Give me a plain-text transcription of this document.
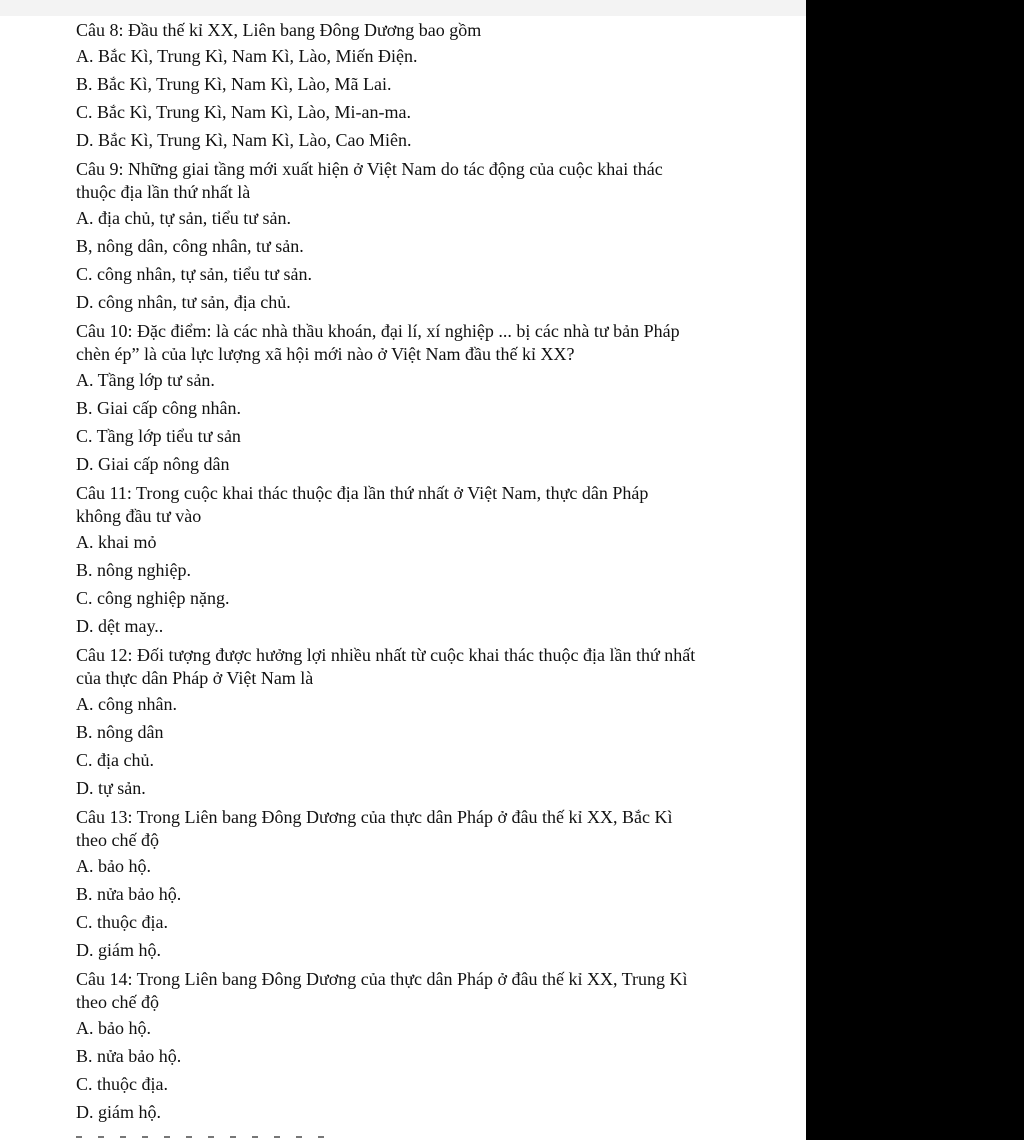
Câu 8: Đầu thế kỉ XX, Liên bang Đông Dương bao gồm
A. Bắc Kì, Trung Kì, Nam Kì, Lào, Miến Điện.
B. Bắc Kì, Trung Kì, Nam Kì, Lào, Mã Lai.
C. Bắc Kì, Trung Kì, Nam Kì, Lào, Mi-an-ma.
D. Bắc Kì, Trung Kì, Nam Kì, Lào, Cao Miên.
Câu 9: Những giai tầng mới xuất hiện ở Việt Nam do tác động của cuộc khai thác
thuộc địa lần thứ nhất là
A. địa chủ, tự sản, tiểu tư sản.
B, nông dân, công nhân, tư sản.
C. công nhân, tự sản, tiểu tư sản.
D. công nhân, tư sản, địa chủ.
Câu 10: Đặc điểm: là các nhà thầu khoán, đại lí, xí nghiệp ... bị các nhà tư bản Pháp
chèn ép” là của lực lượng xã hội mới nào ở Việt Nam đầu thế kỉ XX?
A. Tầng lớp tư sản.
B. Giai cấp công nhân.
C. Tầng lớp tiểu tư sản
D. Giai cấp nông dân
Câu 11: Trong cuộc khai thác thuộc địa lần thứ nhất ở Việt Nam, thực dân Pháp
không đầu tư vào
A. khai mỏ
B. nông nghiệp.
C. công nghiệp nặng.
D. dệt may..
Câu 12: Đối tượng được hưởng lợi nhiều nhất từ cuộc khai thác thuộc địa lần thứ nhất
của thực dân Pháp ở Việt Nam là
A. công nhân.
B. nông dân
C. địa chủ.
D. tự sản.
Câu 13: Trong Liên bang Đông Dương của thực dân Pháp ở đâu thế kỉ XX, Bắc Kì
theo chế độ
A. bảo hộ.
B. nửa bảo hộ.
C. thuộc địa.
D. giám hộ.
Câu 14: Trong Liên bang Đông Dương của thực dân Pháp ở đâu thế kỉ XX, Trung Kì
theo chế độ
A. bảo hộ.
B. nửa bảo hộ.
C. thuộc địa.
D. giám hộ.
